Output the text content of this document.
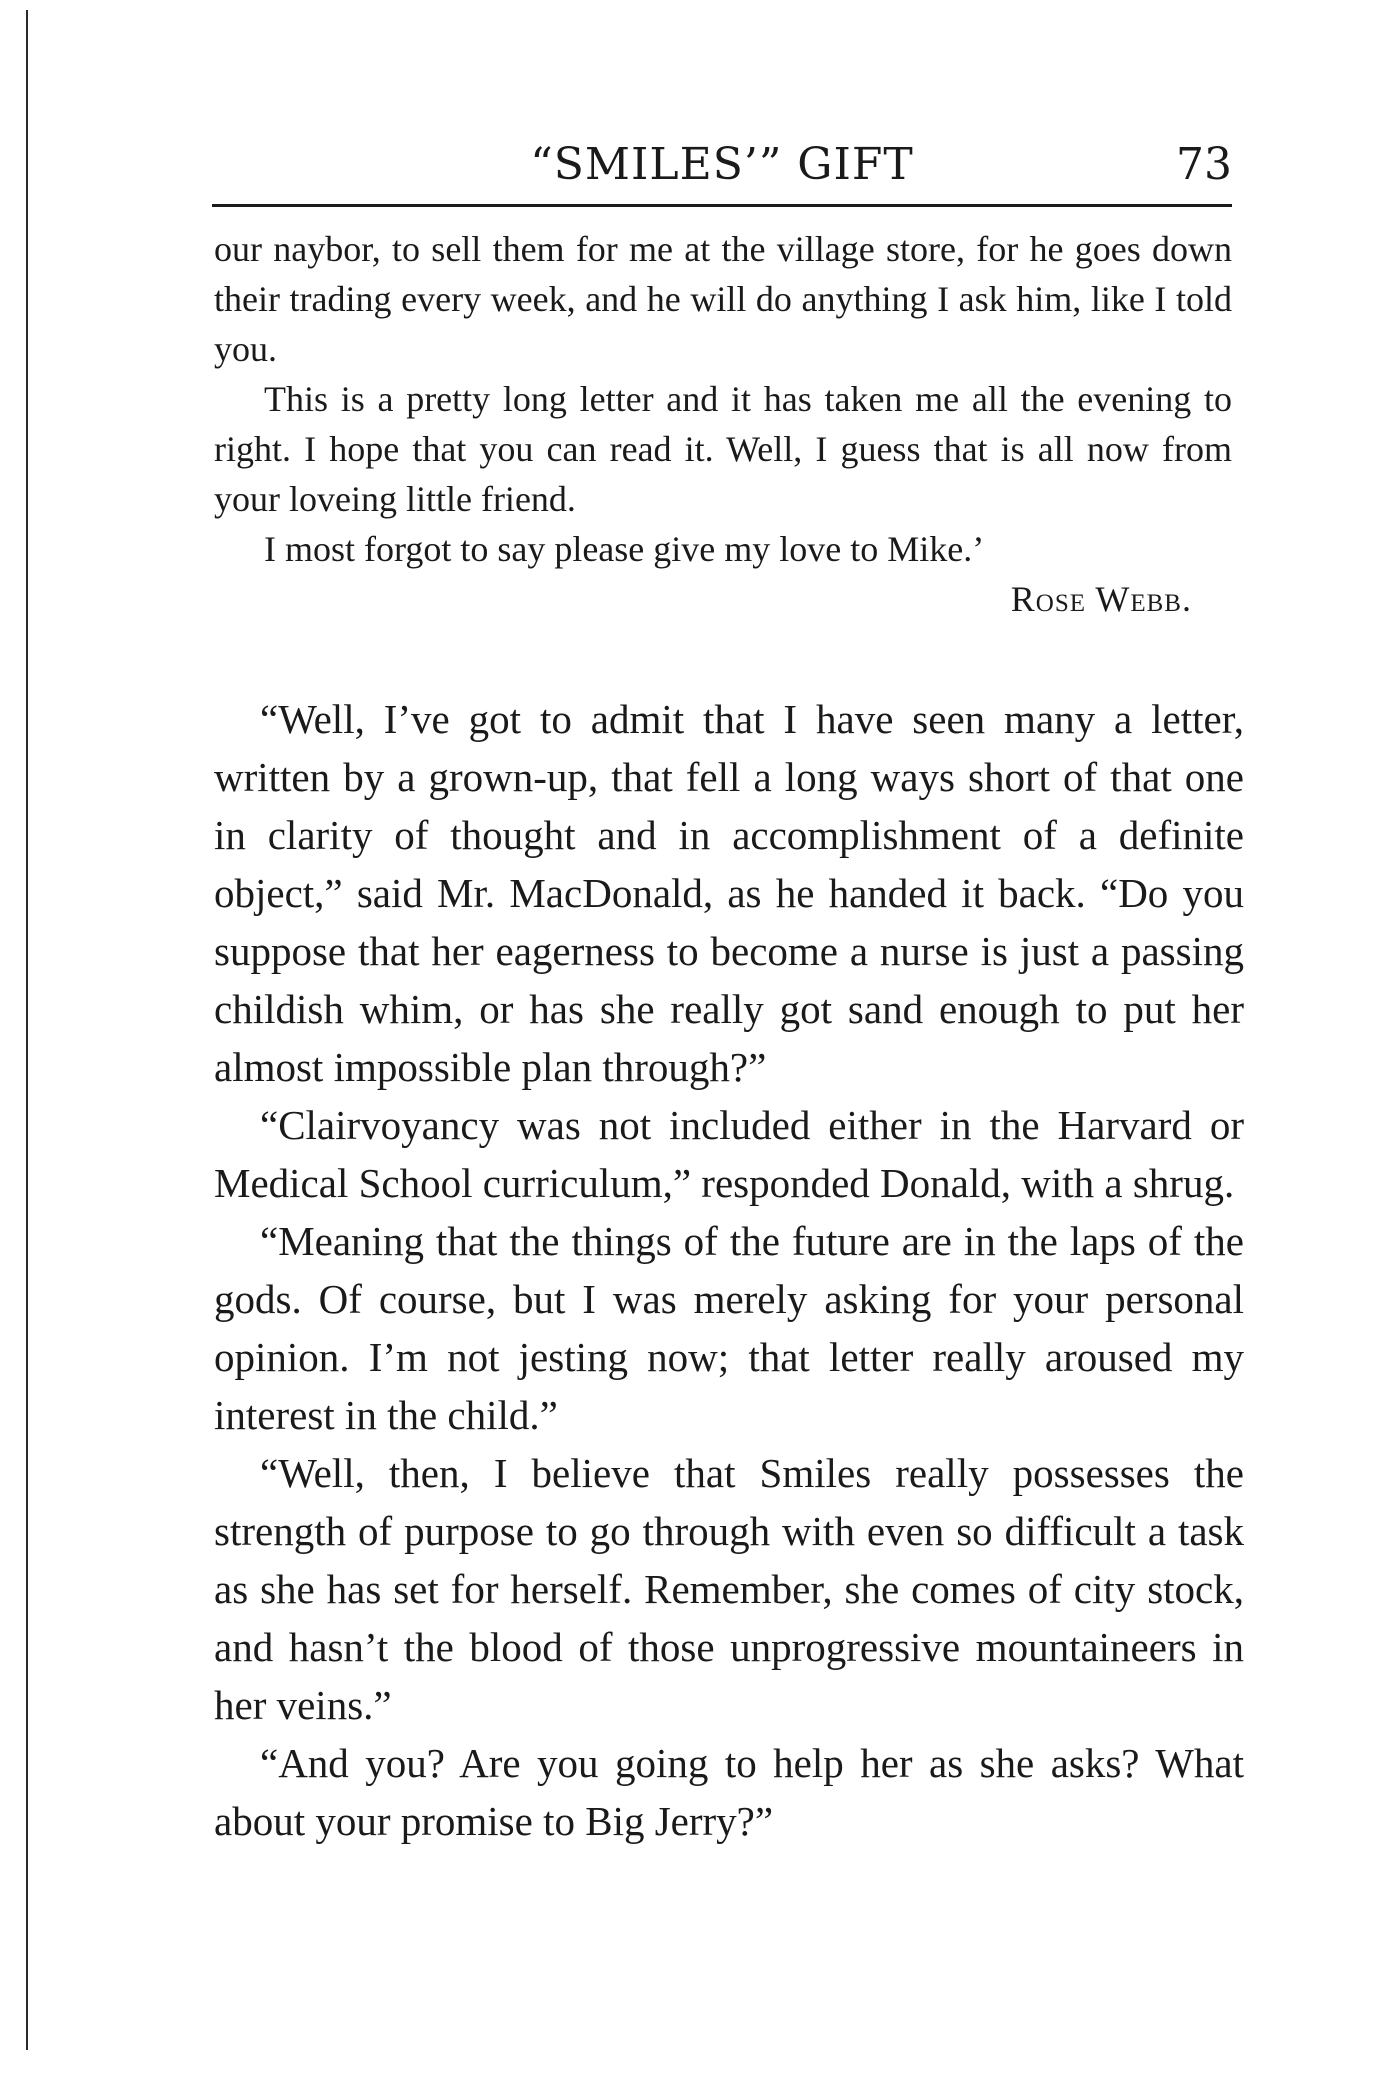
“SMILES’” GIFT	73

our naybor, to sell them for me at the village store, for he goes down their trading every week, and he will do anything I ask him, like I told you.

This is a pretty long letter and it has taken me all the evening to right. I hope that you can read it. Well, I guess that is all now from your loveing little friend.

I most forgot to say please give my love to Mike.’

Rose Webb.

“Well, I’ve got to admit that I have seen many a letter, written by a grown-up, that fell a long ways short of that one in clarity of thought and in accomplishment of a definite object,” said Mr. MacDonald, as he handed it back. “Do you suppose that her eagerness to become a nurse is just a passing childish whim, or has she really got sand enough to put her almost impossible plan through?”

“Clairvoyancy was not included either in the Harvard or Medical School curriculum,” responded Donald, with a shrug.

“Meaning that the things of the future are in the laps of the gods. Of course, but I was merely asking for your personal opinion. I’m not jesting now; that letter really aroused my interest in the child.”

“Well, then, I believe that Smiles really possesses the strength of purpose to go through with even so difficult a task as she has set for herself. Remember, she comes of city stock, and hasn’t the blood of those unprogressive mountaineers in her veins.”

“And you? Are you going to help her as she asks? What about your promise to Big Jerry?”
